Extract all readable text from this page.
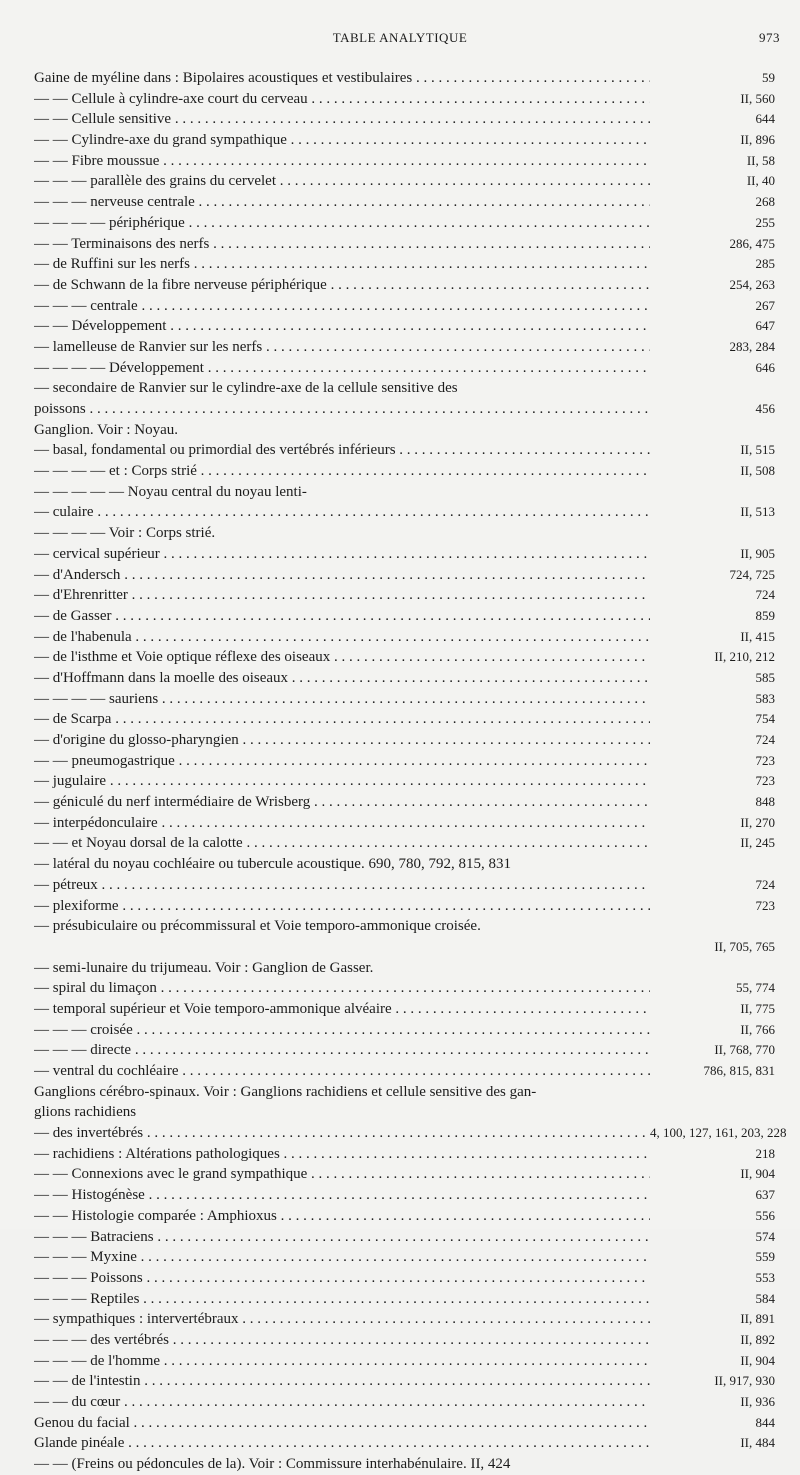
TABLE ANALYTIQUE	973
Gaine de myéline dans : Bipolaires acoustiques et vestibulaires . . .	59
— — Cellule à cylindre-axe court du cerveau . . .	II, 560
— — Cellule sensitive . . .	644
— — Cylindre-axe du grand sympathique . . .	II, 896
— — Fibre moussue . . .	II, 58
— — — parallèle des grains du cervelet . . .	II, 40
— — — nerveuse centrale . . .	268
— — — — périphérique . . .	255
— — Terminaisons des nerfs . . .	286, 475
— de Ruffini sur les nerfs . . .	285
— de Schwann de la fibre nerveuse périphérique . . .	254, 263
— — — centrale . . .	267
— — Développement . . .	647
— lamelleuse de Ranvier sur les nerfs . . .	283, 284
— — — — Développement . . .	646
— secondaire de Ranvier sur le cylindre-axe de la cellule sensitive des
poissons . . .	456
Ganglion. Voir : Noyau.
— basal, fondamental ou primordial des vertébrés inférieurs . . .	II, 515
— — — — et : Corps strié . . .	II, 508
— — — — — Noyau central du noyau lenti-
— culaire . . .	II, 513
— — — — Voir : Corps strié.
— cervical supérieur . . .	II, 905
— d'Andersch . . .	724, 725
— d'Ehrenritter . . .	724
— de Gasser . . .	859
— de l'habenula . . .	II, 415
— de l'isthme et Voie optique réflexe des oiseaux . . .	II, 210, 212
— d'Hoffmann dans la moelle des oiseaux . . .	585
— — — — sauriens . . .	583
— de Scarpa . . .	754
— d'origine du glosso-pharyngien . . .	724
— — pneumogastrique . . .	723
— jugulaire . . .	723
— géniculé du nerf intermédiaire de Wrisberg . . .	848
— interpédonculaire . . .	II, 270
— — et Noyau dorsal de la calotte . . .	II, 245
— latéral du noyau cochléaire ou tubercule acoustique. 690, 780, 792, 815, 831
— pétreux . . .	724
— plexiforme . . .	723
— présubiculaire ou précommissural et Voie temporo-ammonique croisée.
II, 705, 765
— semi-lunaire du trijumeau. Voir : Ganglion de Gasser.
— spiral du limaçon . . .	55, 774
— temporal supérieur et Voie temporo-ammonique alvéaire . . .	II, 775
— — — croisée . . .	II, 766
— — — directe . . .	II, 768, 770
— ventral du cochléaire . . .	786, 815, 831
Ganglions cérébro-spinaux. Voir : Ganglions rachidiens et cellule sensitive des gan-
glions rachidiens
— des invertébrés . . .	4, 100, 127, 161, 203, 228
— rachidiens : Altérations pathologiques . . .	218
— — Connexions avec le grand sympathique . . .	II, 904
— — Histogénèse . . .	637
— — Histologie comparée : Amphioxus . . .	556
— — — Batraciens . . .	574
— — — Myxine . . .	559
— — — Poissons . . .	553
— — — Reptiles . . .	584
— sympathiques : intervertébraux . . .	II, 891
— — — des vertébrés . . .	II, 892
— — — de l'homme . . .	II, 904
— — de l'intestin . . .	II, 917, 930
— — du cœur . . .	II, 936
Genou du facial . . .	844
Glande pinéale . . .	II, 484
— — (Freins ou pédoncules de la). Voir : Commissure interhabénulaire. II, 424
